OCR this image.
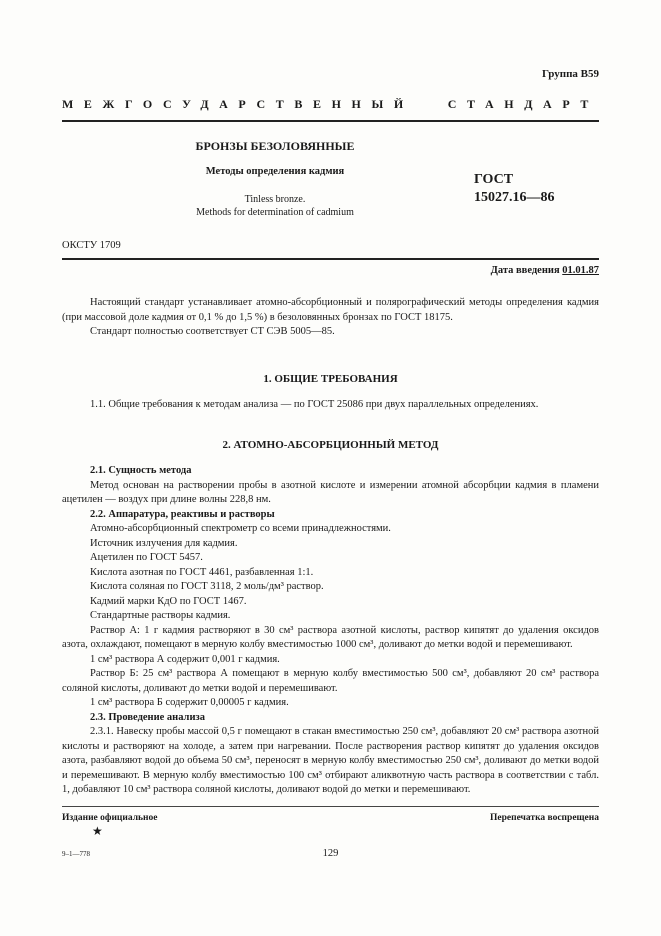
Группа В59
МЕЖГОСУДАРСТВЕННЫЙ	СТАНДАРТ
БРОНЗЫ БЕЗОЛОВЯННЫЕ
Методы определения кадмия
Tinless bronze.
Methods for determination of cadmium
ГОСТ
15027.16—86
ОКСТУ 1709
Дата введения 01.01.87

Настоящий стандарт устанавливает атомно-абсорбционный и полярографический методы определения кадмия (при массовой доле кадмия от 0,1 % до 1,5 %) в безоловянных бронзах по ГОСТ 18175.

Стандарт полностью соответствует СТ СЭВ 5005—85.

1. ОБЩИЕ ТРЕБОВАНИЯ

1.1. Общие требования к методам анализа — по ГОСТ 25086 при двух параллельных определениях.

2. АТОМНО-АБСОРБЦИОННЫЙ МЕТОД

2.1. Сущность метода

Метод основан на растворении пробы в азотной кислоте и измерении атомной абсорбции кадмия в пламени ацетилен — воздух при длине волны 228,8 нм.

2.2. Аппаратура, реактивы и растворы

Атомно-абсорбционный спектрометр со всеми принадлежностями.

Источник излучения для кадмия.

Ацетилен по ГОСТ 5457.

Кислота азотная по ГОСТ 4461, разбавленная 1:1.

Кислота соляная по ГОСТ 3118, 2 моль/дм³ раствор.

Кадмий марки КдО по ГОСТ 1467.

Стандартные растворы кадмия.

Раствор А: 1 г кадмия растворяют в 30 см³ раствора азотной кислоты, раствор кипятят до удаления оксидов азота, охлаждают, помещают в мерную колбу вместимостью 1000 см³, доливают до метки водой и перемешивают.

1 см³ раствора А содержит 0,001 г кадмия.

Раствор Б: 25 см³ раствора А помещают в мерную колбу вместимостью 500 см³, добавляют 20 см³ раствора соляной кислоты, доливают до метки водой и перемешивают.

1 см³ раствора Б содержит 0,00005 г кадмия.

2.3. Проведение анализа

2.3.1. Навеску пробы массой 0,5 г помещают в стакан вместимостью 250 см³, добавляют 20 см³ раствора азотной кислоты и растворяют на холоде, а затем при нагревании. После растворения раствор кипятят до удаления оксидов азота, разбавляют водой до объема 50 см³, переносят в мерную колбу вместимостью 250 см³, доливают до метки водой и перемешивают. В мерную колбу вместимостью 100 см³ отбирают аликвотную часть раствора в соответствии с табл. 1, добавляют 10 см³ раствора соляной кислоты, доливают водой до метки и перемешивают.

Издание официальное
★
Перепечатка воспрещена
9–1—778	129
